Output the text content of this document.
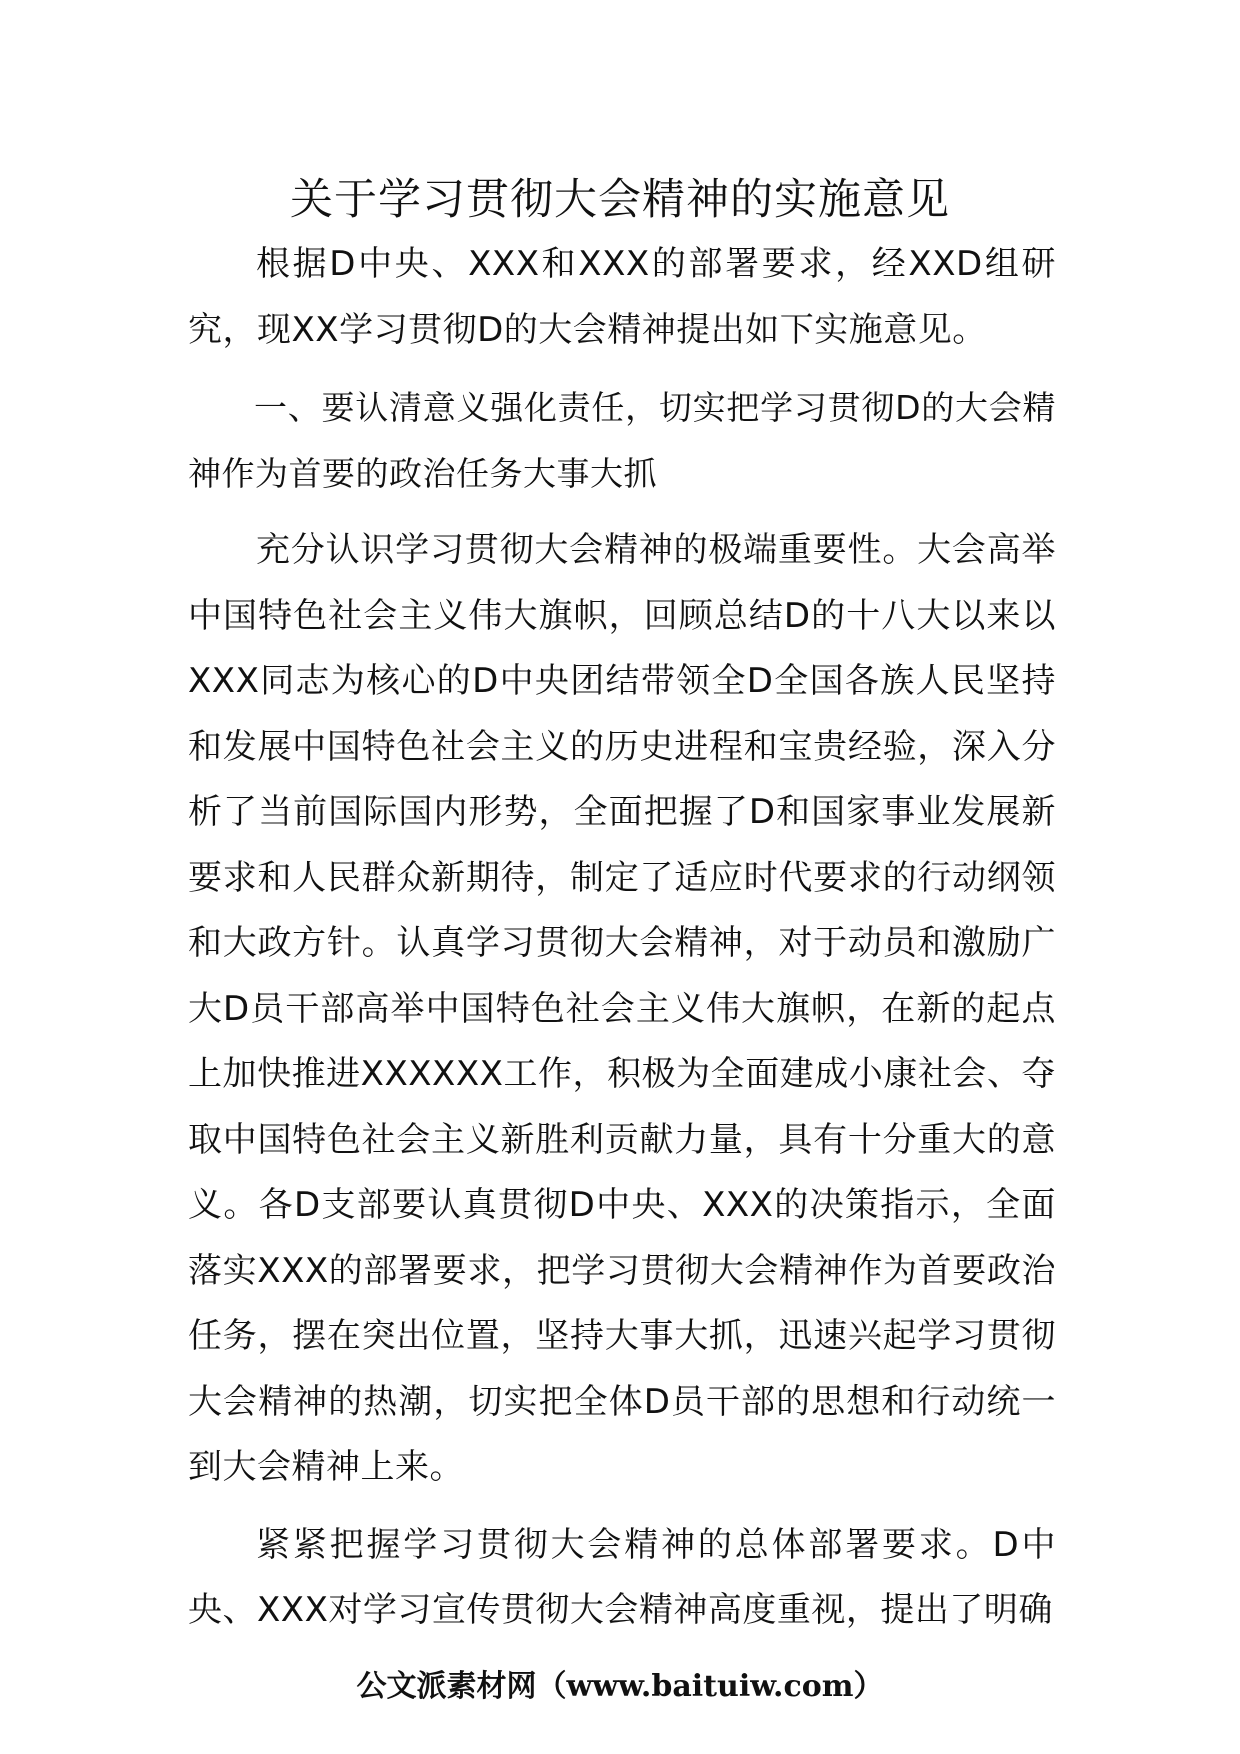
关于学习贯彻大会精神的实施意见

根据D中央、XXX和XXX的部署要求，经XXD组研究，现XX学习贯彻D的大会精神提出如下实施意见。

一、要认清意义强化责任，切实把学习贯彻D的大会精神作为首要的政治任务大事大抓

充分认识学习贯彻大会精神的极端重要性。大会高举中国特色社会主义伟大旗帜，回顾总结D的十八大以来以XXX同志为核心的D中央团结带领全D全国各族人民坚持和发展中国特色社会主义的历史进程和宝贵经验，深入分析了当前国际国内形势，全面把握了D和国家事业发展新要求和人民群众新期待，制定了适应时代要求的行动纲领和大政方针。认真学习贯彻大会精神，对于动员和激励广大D员干部高举中国特色社会主义伟大旗帜，在新的起点上加快推进XXXXXX工作，积极为全面建成小康社会、夺取中国特色社会主义新胜利贡献力量，具有十分重大的意义。各D支部要认真贯彻D中央、XXX的决策指示，全面落实XXX的部署要求，把学习贯彻大会精神作为首要政治任务，摆在突出位置，坚持大事大抓，迅速兴起学习贯彻大会精神的热潮，切实把全体D员干部的思想和行动统一到大会精神上来。

紧紧把握学习贯彻大会精神的总体部署要求。D中央、XXX对学习宣传贯彻大会精神高度重视，提出了明确

公文派素材网（www.baituiw.com）
